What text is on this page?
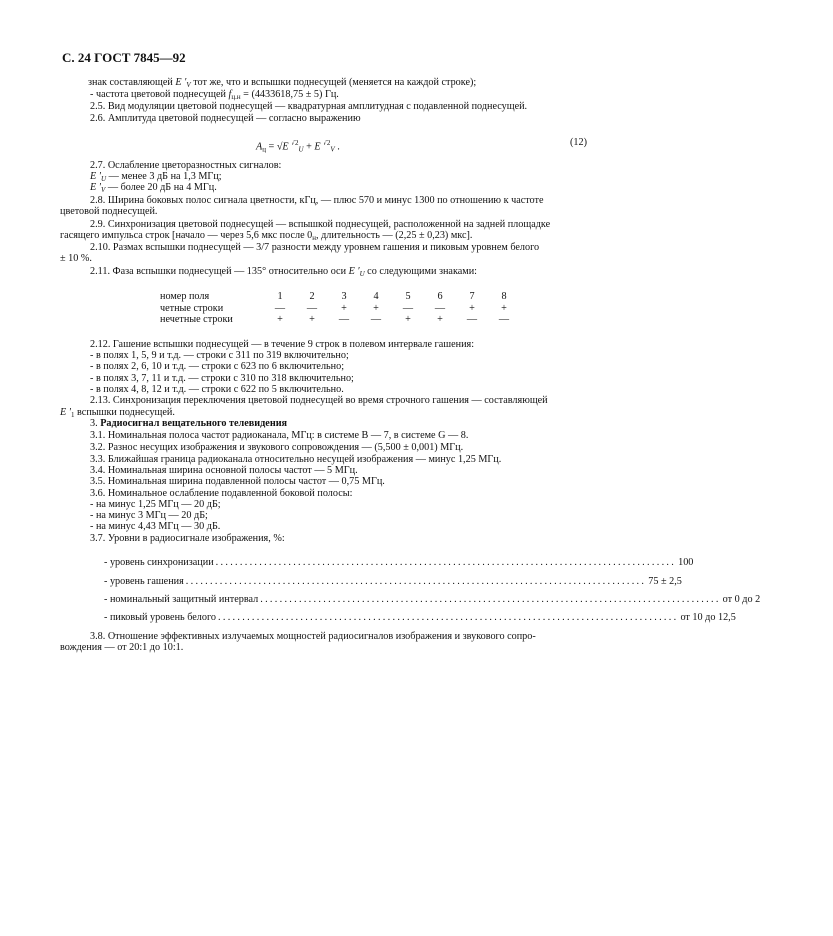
С. 24 ГОСТ 7845—92
знак составляющей E $'_V$ тот же, что и вспышки поднесущей (меняется на каждой строке);
- частота цветовой поднесущей $f_{ц.н} = (4433618,75 \pm 5)$ Гц.
2.5. Вид модуляции цветовой поднесущей — квадратурная амплитудная с подавленной поднесущей.
2.6. Амплитуда цветовой поднесущей — согласно выражению
$A_ц = √E$ $'^{'2}_U + E$ $'^{'2}_V$ .	(12)
2.7. Ослабление цветоразностных сигналов:
E $'_U$ — менее 3 дБ на 1,3 МГц;
E $'_V$ — более 20 дБ на 4 МГц.
2.8. Ширина боковых полос сигнала цветности, кГц, — плюс 570 и минус 1300 по отношению к частоте
цветовой поднесущей.
2.9. Синхронизация цветовой поднесущей — вспышкой поднесущей, расположенной на задней площадке
гасящего импульса строк [начало — через 5,6 мкс после $0_н$, длительность — (2,25 ± 0,23) мкс].
2.10. Размах вспышки поднесущей — 3/7 разности между уровнем гашения и пиковым уровнем белого
± 10 %.
2.11. Фаза вспышки поднесущей — 135° относительно оси E $'_U$ со следующими знаками:
номер поля	1	2	3	4	5	6	7	8
четные строки	—	—	+	+	—	—	+	+
нечетные строки	+	+	—	—	+	+	—	—
2.12. Гашение вспышки поднесущей — в течение 9 строк в полевом интервале гашения:
- в полях 1, 5, 9 и т.д. — строки с 311 по 319 включительно;
- в полях 2, 6, 10 и т.д. — строки с 623 по 6 включительно;
- в полях 3, 7, 11 и т.д. — строки с 310 по 318 включительно;
- в полях 4, 8, 12 и т.д. — строки с 622 по 5 включительно.
2.13. Синхронизация переключения цветовой поднесущей во время строчного гашения — составляющей
E $'_1$ вспышки поднесущей.
3. Радиосигнал вещательного телевидения
3.1. Номинальная полоса частот радиоканала, МГц: в системе В — 7, в системе G — 8.
3.2. Разнос несущих изображения и звукового сопровождения — (5,500 ± 0,001) МГц.
3.3. Ближайшая граница радиоканала относительно несущей изображения — минус 1,25 МГц.
3.4. Номинальная ширина основной полосы частот — 5 МГц.
3.5. Номинальная ширина подавленной полосы частот — 0,75 МГц.
3.6. Номинальное ослабление подавленной боковой полосы:
- на минус 1,25 МГц — 20 дБ;
- на минус 3 МГц — 20 дБ;
- на минус 4,43 МГц — 30 дБ.
3.7. Уровни в радиосигнале изображения, %:
- уровень синхронизации ............................................................................................... 100
- уровень гашения ............................................................................................... 75 ± 2,5
- номинальный защитный интервал ............................................................................................... от 0 до 2
- пиковый уровень белого ............................................................................................... от 10 до 12,5
3.8. Отношение эффективных излучаемых мощностей радиосигналов изображения и звукового сопро-
вождения — от 20:1 до 10:1.
